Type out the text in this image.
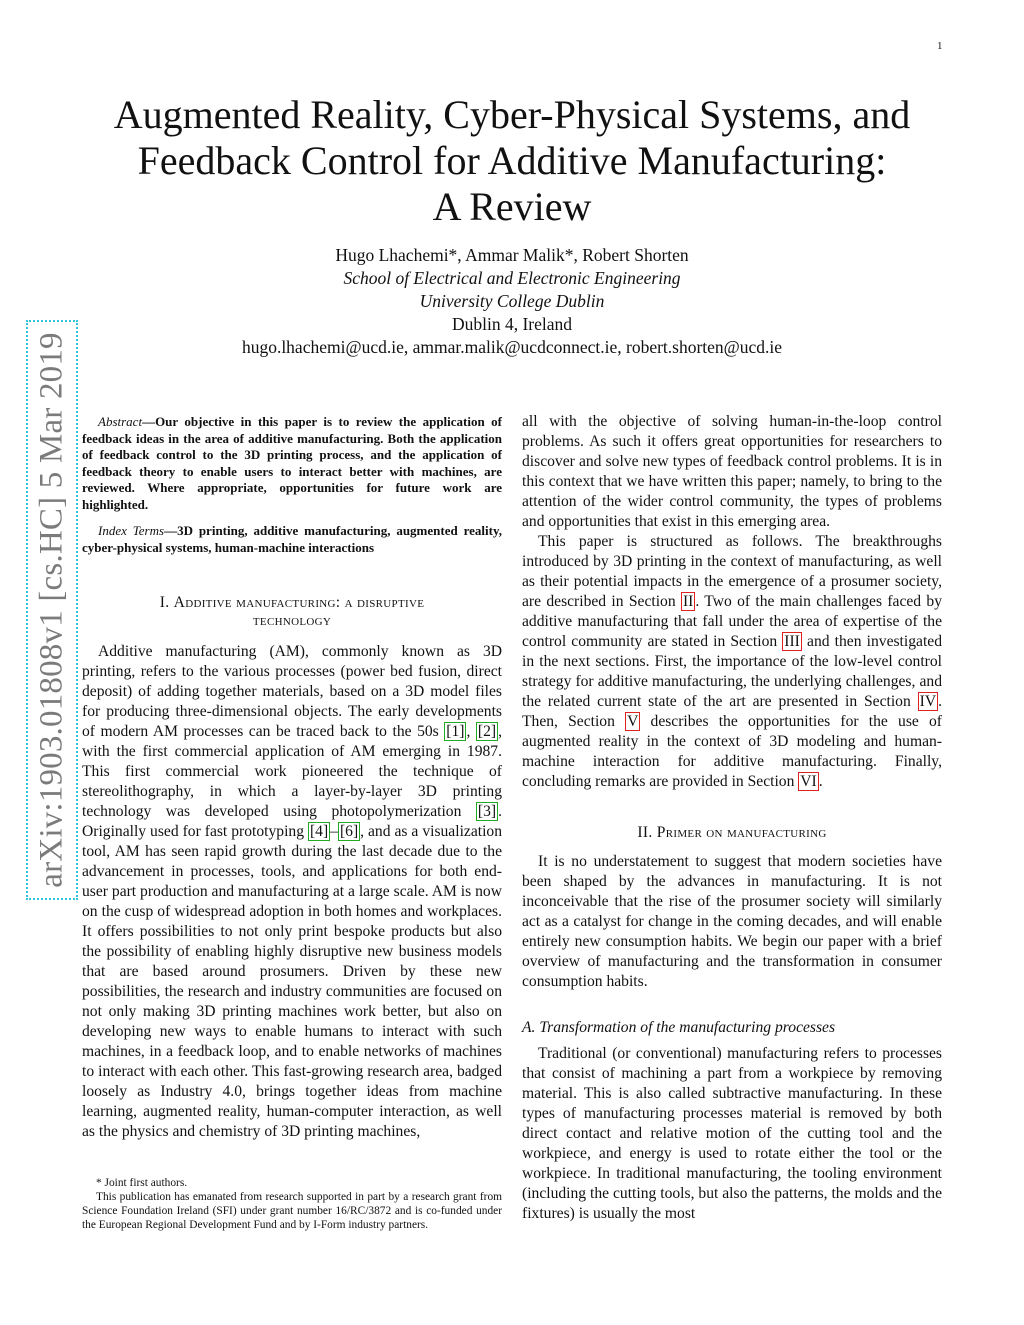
1
arXiv:1903.01808v1 [cs.HC] 5 Mar 2019
Augmented Reality, Cyber-Physical Systems, and
Feedback Control for Additive Manufacturing:
A Review
Hugo Lhachemi*, Ammar Malik*, Robert Shorten
School of Electrical and Electronic Engineering
University College Dublin
Dublin 4, Ireland
hugo.lhachemi@ucd.ie, ammar.malik@ucdconnect.ie, robert.shorten@ucd.ie

Abstract—Our objective in this paper is to review the application of feedback ideas in the area of additive manufacturing. Both the application of feedback control to the 3D printing process, and the application of feedback theory to enable users to interact better with machines, are reviewed. Where appropriate, opportunities for future work are highlighted.

Index Terms—3D printing, additive manufacturing, augmented reality, cyber-physical systems, human-machine interactions

I. Additive manufacturing: a disruptive
technology

Additive manufacturing (AM), commonly known as 3D printing, refers to the various processes (power bed fusion, direct deposit) of adding together materials, based on a 3D model files for producing three-dimensional objects. The early developments of modern AM processes can be traced back to the 50s [1] , [2] , with the first commercial application of AM emerging in 1987. This first commercial work pioneered the technique of stereolithography, in which a layer-by-layer 3D printing technology was developed using photopolymerization [3] . Originally used for fast prototyping [4] – [6] , and as a visualization tool, AM has seen rapid growth during the last decade due to the advancement in processes, tools, and applications for both end-user part production and manufacturing at a large scale. AM is now on the cusp of widespread adoption in both homes and workplaces. It offers possibilities to not only print bespoke products but also the possibility of enabling highly disruptive new business models that are based around prosumers. Driven by these new possibilities, the research and industry communities are focused on not only making 3D printing machines work better, but also on developing new ways to enable humans to interact with such machines, in a feedback loop, and to enable networks of machines to interact with each other. This fast-growing research area, badged loosely as Industry 4.0, brings together ideas from machine learning, augmented reality, human-computer interaction, as well as the physics and chemistry of 3D printing machines,

* Joint first authors.
This publication has emanated from research supported in part by a research grant from Science Foundation Ireland (SFI) under grant number 16/RC/3872 and is co-funded under the European Regional Development Fund and by I-Form industry partners.

all with the objective of solving human-in-the-loop control problems. As such it offers great opportunities for researchers to discover and solve new types of feedback control problems. It is in this context that we have written this paper; namely, to bring to the attention of the wider control community, the types of problems and opportunities that exist in this emerging area.

This paper is structured as follows. The breakthroughs introduced by 3D printing in the context of manufacturing, as well as their potential impacts in the emergence of a prosumer society, are described in Section II . Two of the main challenges faced by additive manufacturing that fall under the area of expertise of the control community are stated in Section III and then investigated in the next sections. First, the importance of the low-level control strategy for additive manufacturing, the underlying challenges, and the related current state of the art are presented in Section IV . Then, Section V describes the opportunities for the use of augmented reality in the context of 3D modeling and human-machine interaction for additive manufacturing. Finally, concluding remarks are provided in Section VI .

II. Primer on manufacturing

It is no understatement to suggest that modern societies have been shaped by the advances in manufacturing. It is not inconceivable that the rise of the prosumer society will similarly act as a catalyst for change in the coming decades, and will enable entirely new consumption habits. We begin our paper with a brief overview of manufacturing and the transformation in consumer consumption habits.

A. Transformation of the manufacturing processes

Traditional (or conventional) manufacturing refers to processes that consist of machining a part from a workpiece by removing material. This is also called subtractive manufacturing. In these types of manufacturing processes material is removed by both direct contact and relative motion of the cutting tool and the workpiece, and energy is used to rotate either the tool or the workpiece. In traditional manufacturing, the tooling environment (including the cutting tools, but also the patterns, the molds and the fixtures) is usually the most
